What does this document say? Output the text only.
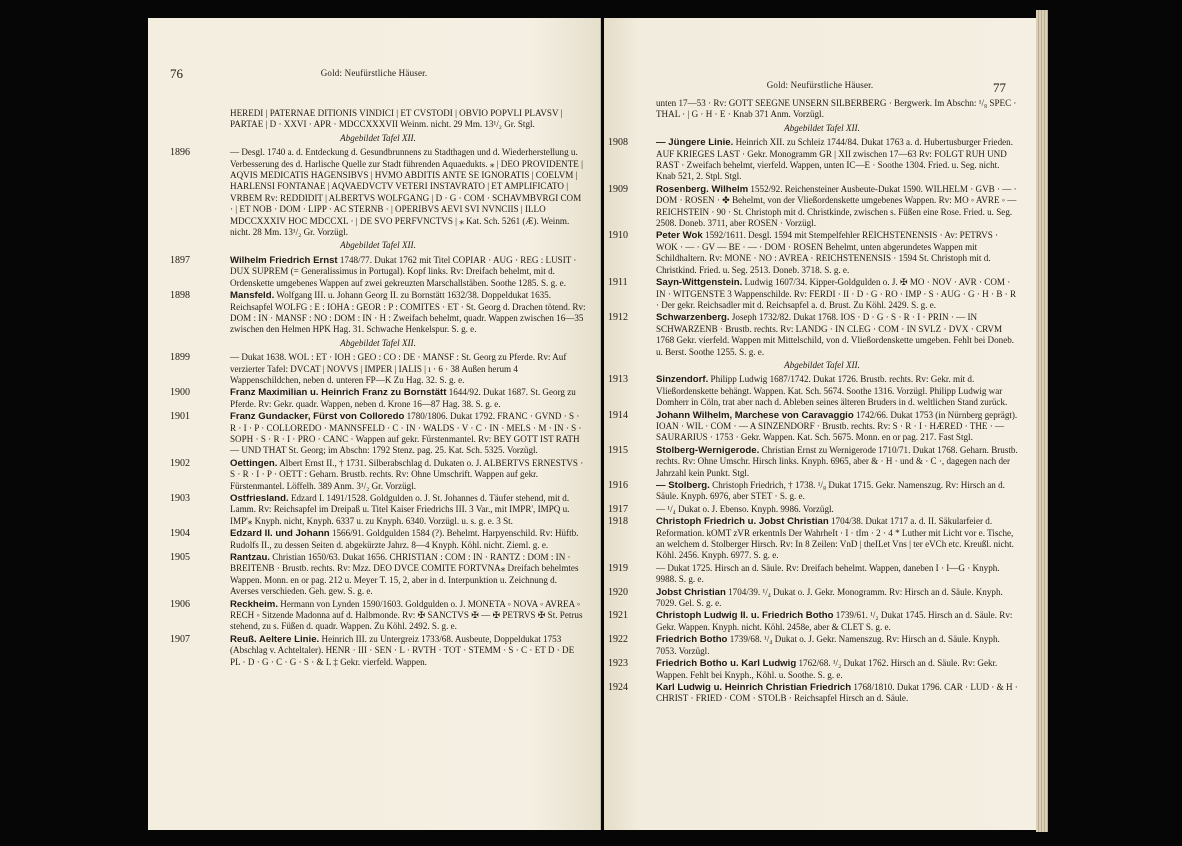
76	Gold: Neufürstliche Häuser.
HEREDI | PATERNAE DITIONIS VINDICI | ET CVSTODI | OBVIO POPVLI PLAVSV | PARTAE | D · XXVI · APR · MDCCXXXVII Weinm. nicht. 29 Mm. 13¹/₂ Gr. Stgl.
Abgebildet Tafel XII.
1896	— Desgl. 1740 a. d. Entdeckung d. Gesundbrunnens zu Stadthagen und d. Wiederherstellung u. Verbesserung des d. Harlische Quelle zur Stadt führenden Aquaedukts. ⁎ | DEO PROVIDENTE | AQVIS MEDICATIS HAGENSIBVS | HVMO ABDITIS ANTE SE IGNORATIS | COELVM | HARLENSI FONTANAE | AQVAEDVCTV VETERI INSTAVRATO | ET AMPLIFICATO | VRBEM Rv: REDDIDIT | ALBERTVS WOLFGANG | D · G · COM · SCHAVMBVRGI COM · | ET NOB · DOM · LIPP · AC STERNB · | OPERIBVS AEVI SVI NVNCIIS | ILLO MDCCXXXIV HOC MDCCXL · | DE SVO PERFVNCTVS | ⁎ Kat. Sch. 5261 (Æ). Weinm. nicht. 28 Mm. 13¹/₂ Gr. Vorzügl.
Abgebildet Tafel XII.
1897	Wilhelm Friedrich Ernst 1748/77. Dukat 1762 mit Titel COPIAR · AUG · REG : LUSIT · DUX SUPREM (= Generalissimus in Portugal). Kopf links. Rv: Dreifach behelmt, mit d. Ordenskette umgebenes Wappen auf zwei gekreuzten Marschallstäben. Soothe 1285. S. g. e.
1898	Mansfeld. Wolfgang III. u. Johann Georg II. zu Bornstätt 1632/38. Doppeldukat 1635. Reichsapfel WOLFG : E : IOHA : GEOR : P : COMITES · ET · St. Georg d. Drachen tötend. Rv: DOM : IN · MANSF : NO : DOM : IN · H : Zweifach behelmt, quadr. Wappen zwischen 16—35 zwischen den Helmen HPK Hag. 31. Schwache Henkelspur. S. g. e.
Abgebildet Tafel XII.
1899	— Dukat 1638. WOL : ET · IOH : GEO : CO : DE · MANSF : St. Georg zu Pferde. Rv: Auf verzierter Tafel: DVCAT | NOVVS | IMPER | IALIS | ı · 6 · 38 Außen herum 4 Wappenschildchen, neben d. unteren FP—K Zu Hag. 32. S. g. e.
1900	Franz Maximilian u. Heinrich Franz zu Bornstätt 1644/92. Dukat 1687. St. Georg zu Pferde. Rv: Gekr. quadr. Wappen, neben d. Krone 16—87 Hag. 38. S. g. e.
1901	Franz Gundacker, Fürst von Colloredo 1780/1806. Dukat 1792. FRANC · GVND · S · R · I · P · COLLOREDO · MANNSFELD · C · IN · WALDS · V · C · IN · MELS · M · IN · S · SOPH · S · R · I · PRO · CANC · Wappen auf gekr. Fürstenmantel. Rv: BEY GOTT IST RATH — UND THAT St. Georg; im Abschn: 1792 Stenz. pag. 25. Kat. Sch. 5325. Vorzügl.
1902	Oettingen. Albert Ernst II., † 1731. Silberabschlag d. Dukaten o. J. ALBERTVS ERNESTVS · S · R · I · P · OETT : Geharn. Brustb. rechts. Rv: Ohne Umschrift. Wappen auf gekr. Fürstenmantel. Löffelh. 389 Anm. 3¹/₂ Gr. Vorzügl.
1903	Ostfriesland. Edzard I. 1491/1528. Goldgulden o. J. St. Johannes d. Täufer stehend, mit d. Lamm. Rv: Reichsapfel im Dreipaß u. Titel Kaiser Friedrichs III. 3 Var., mit IMPR', IMPQ u. IMP'⁎ Knyph. nicht, Knyph. 6337 u. zu Knyph. 6340. Vorzügl. u. s. g. e. 3 St.
1904	Edzard II. und Johann 1566/91. Goldgulden 1584 (?). Behelmt. Harpyenschild. Rv: Hüftb. Rudolfs II., zu dessen Seiten d. abgekürzte Jahrz. 8—4 Knyph. Köhl. nicht. Zieml. g. e.
1905	Rantzau. Christian 1650/63. Dukat 1656. CHRISTIAN : COM : IN · RANTZ : DOM : IN · BREITENB · Brustb. rechts. Rv: Mzz. DEO DVCE COMITE FORTVNA⁎ Dreifach behelmtes Wappen. Monn. en or pag. 212 u. Meyer T. 15, 2, aber in d. Interpunktion u. Zeichnung d. Averses verschieden. Geh. gew. S. g. e.
1906	Reckheim. Hermann von Lynden 1590/1603. Goldgulden o. J. MONETA ◦ NOVA ◦ AVREA ◦ RECH ◦ Sitzende Madonna auf d. Halbmonde. Rv: ✠ SANCTVS ✠ — ✠ PETRVS ✠ St. Petrus stehend, zu s. Füßen d. quadr. Wappen. Zu Köhl. 2492. S. g. e.
1907	Reuß. Aeltere Linie. Heinrich III. zu Untergreiz 1733/68. Ausbeute, Doppeldukat 1753 (Abschlag v. Achteltaler). HENR · III · SEN · L · RVTH · TOT · STEMM · S · C · ET D · DE PL · D · G · C · G · S · & L ‡ Gekr. vierfeld. Wappen.
Gold: Neufürstliche Häuser.	77
unten 17—53 · Rv: GOTT SEEGNE UNSERN SILBERBERG · Bergwerk. Im Abschn: ¹/₈ SPEC · THAL · | G · H · E · Knab 371 Anm. Vorzügl.
Abgebildet Tafel XII.
1908	— Jüngere Linie. Heinrich XII. zu Schleiz 1744/84. Dukat 1763 a. d. Hubertusburger Frieden. AUF KRIEGES LAST · Gekr. Monogramm GR | XII zwischen 17—63 Rv: FOLGT RUH UND RAST · Zweifach behelmt, vierfeld. Wappen, unten IC—E · Soothe 1304. Fried. u. Seg. nicht. Knab 521, 2. Stpl. Stgl.
1909	Rosenberg. Wilhelm 1552/92. Reichensteiner Ausbeute-Dukat 1590. WILHELM · GVB · — · DOM · ROSEN · ✤ Behelmt, von der Vließordenskette umgebenes Wappen. Rv: MO ◦ AVRE ◦ — REICHSTEIN · 90 · St. Christoph mit d. Christkinde, zwischen s. Füßen eine Rose. Fried. u. Seg. 2508. Doneb. 3711, aber ROSEN · Vorzügl.
1910	Peter Wok 1592/1611. Desgl. 1594 mit Stempelfehler REICHSTENENSIS · Av: PETRVS · WOK · — · GV — BE · — · DOM · ROSEN Behelmt, unten abgerundetes Wappen mit Schildhaltern. Rv: MONE · NO : AVREA · REICHSTENENSIS · 1594 St. Christoph mit d. Christkind. Fried. u. Seg. 2513. Doneb. 3718. S. g. e.
1911	Sayn-Wittgenstein. Ludwig 1607/34. Kipper-Goldgulden o. J. ✠ MO · NOV · AVR · COM · IN · WITGENSTE 3 Wappenschilde. Rv: FERDI · II · D · G · RO · IMP · S · AUG · G · H · B · R · Der gekr. Reichsadler mit d. Reichsapfel a. d. Brust. Zu Köhl. 2429. S. g. e.
1912	Schwarzenberg. Joseph 1732/82. Dukat 1768. IOS · D · G · S · R · I · PRIN · — IN SCHWARZENB · Brustb. rechts. Rv: LANDG · IN CLEG · COM · IN SVLZ · DVX · CRVM 1768 Gekr. vierfeld. Wappen mit Mittelschild, von d. Vließordenskette umgeben. Fehlt bei Doneb. u. Berst. Soothe 1255. S. g. e.
Abgebildet Tafel XII.
1913	Sinzendorf. Philipp Ludwig 1687/1742. Dukat 1726. Brustb. rechts. Rv: Gekr. mit d. Vließordenskette behängt. Wappen. Kat. Sch. 5674. Soothe 1316. Vorzügl. Philipp Ludwig war Domherr in Cöln, trat aber nach d. Ableben seines älteren Bruders in d. weltlichen Stand zurück.
1914	Johann Wilhelm, Marchese von Caravaggio 1742/66. Dukat 1753 (in Nürnberg geprägt). IOAN · WIL · COM · — A SINZENDORF · Brustb. rechts. Rv: S · R · I · HÆRED · THE · — SAURARIUS · 1753 · Gekr. Wappen. Kat. Sch. 5675. Monn. en or pag. 217. Fast Stgl.
1915	Stolberg-Wernigerode. Christian Ernst zu Wernigerode 1710/71. Dukat 1768. Geharn. Brustb. rechts. Rv: Ohne Umschr. Hirsch links. Knyph. 6965, aber & · H · und & · C ·, dagegen nach der Jahrzahl kein Punkt. Stgl.
1916	— Stolberg. Christoph Friedrich, † 1738. ¹/₈ Dukat 1715. Gekr. Namenszug. Rv: Hirsch an d. Säule. Knyph. 6976, aber STET · S. g. e.
1917	— ¹/₄ Dukat o. J. Ebenso. Knyph. 9986. Vorzügl.
1918	Christoph Friedrich u. Jobst Christian 1704/38. Dukat 1717 a. d. II. Säkularfeier d. Reformation. kOMT zVR erkentnIs Der WahrheIt · I · tIm · 2 · 4 * Luther mit Licht vor e. Tische, an welchem d. Stolberger Hirsch. Rv: In 8 Zeilen: VnD | theILet Vns | ter eVCh etc. Kreußl. nicht. Köhl. 2456. Knyph. 6977. S. g. e.
1919	— Dukat 1725. Hirsch an d. Säule. Rv: Dreifach behelmt. Wappen, daneben I · I—G · Knyph. 9988. S. g. e.
1920	Jobst Christian 1704/39. ¹/₄ Dukat o. J. Gekr. Monogramm. Rv: Hirsch an d. Säule. Knyph. 7029. Gel. S. g. e.
1921	Christoph Ludwig II. u. Friedrich Botho 1739/61. ¹/₂ Dukat 1745. Hirsch an d. Säule. Rv: Gekr. Wappen. Knyph. nicht. Köhl. 2458e, aber & CLET S. g. e.
1922	Friedrich Botho 1739/68. ¹/₄ Dukat o. J. Gekr. Namenszug. Rv: Hirsch an d. Säule. Knyph. 7053. Vorzügl.
1923	Friedrich Botho u. Karl Ludwig 1762/68. ¹/₂ Dukat 1762. Hirsch an d. Säule. Rv: Gekr. Wappen. Fehlt bei Knyph., Köhl. u. Soothe. S. g. e.
1924	Karl Ludwig u. Heinrich Christian Friedrich 1768/1810. Dukat 1796. CAR · LUD · & H · CHRIST · FRIED · COM · STOLB · Reichsapfel Hirsch an d. Säule.
